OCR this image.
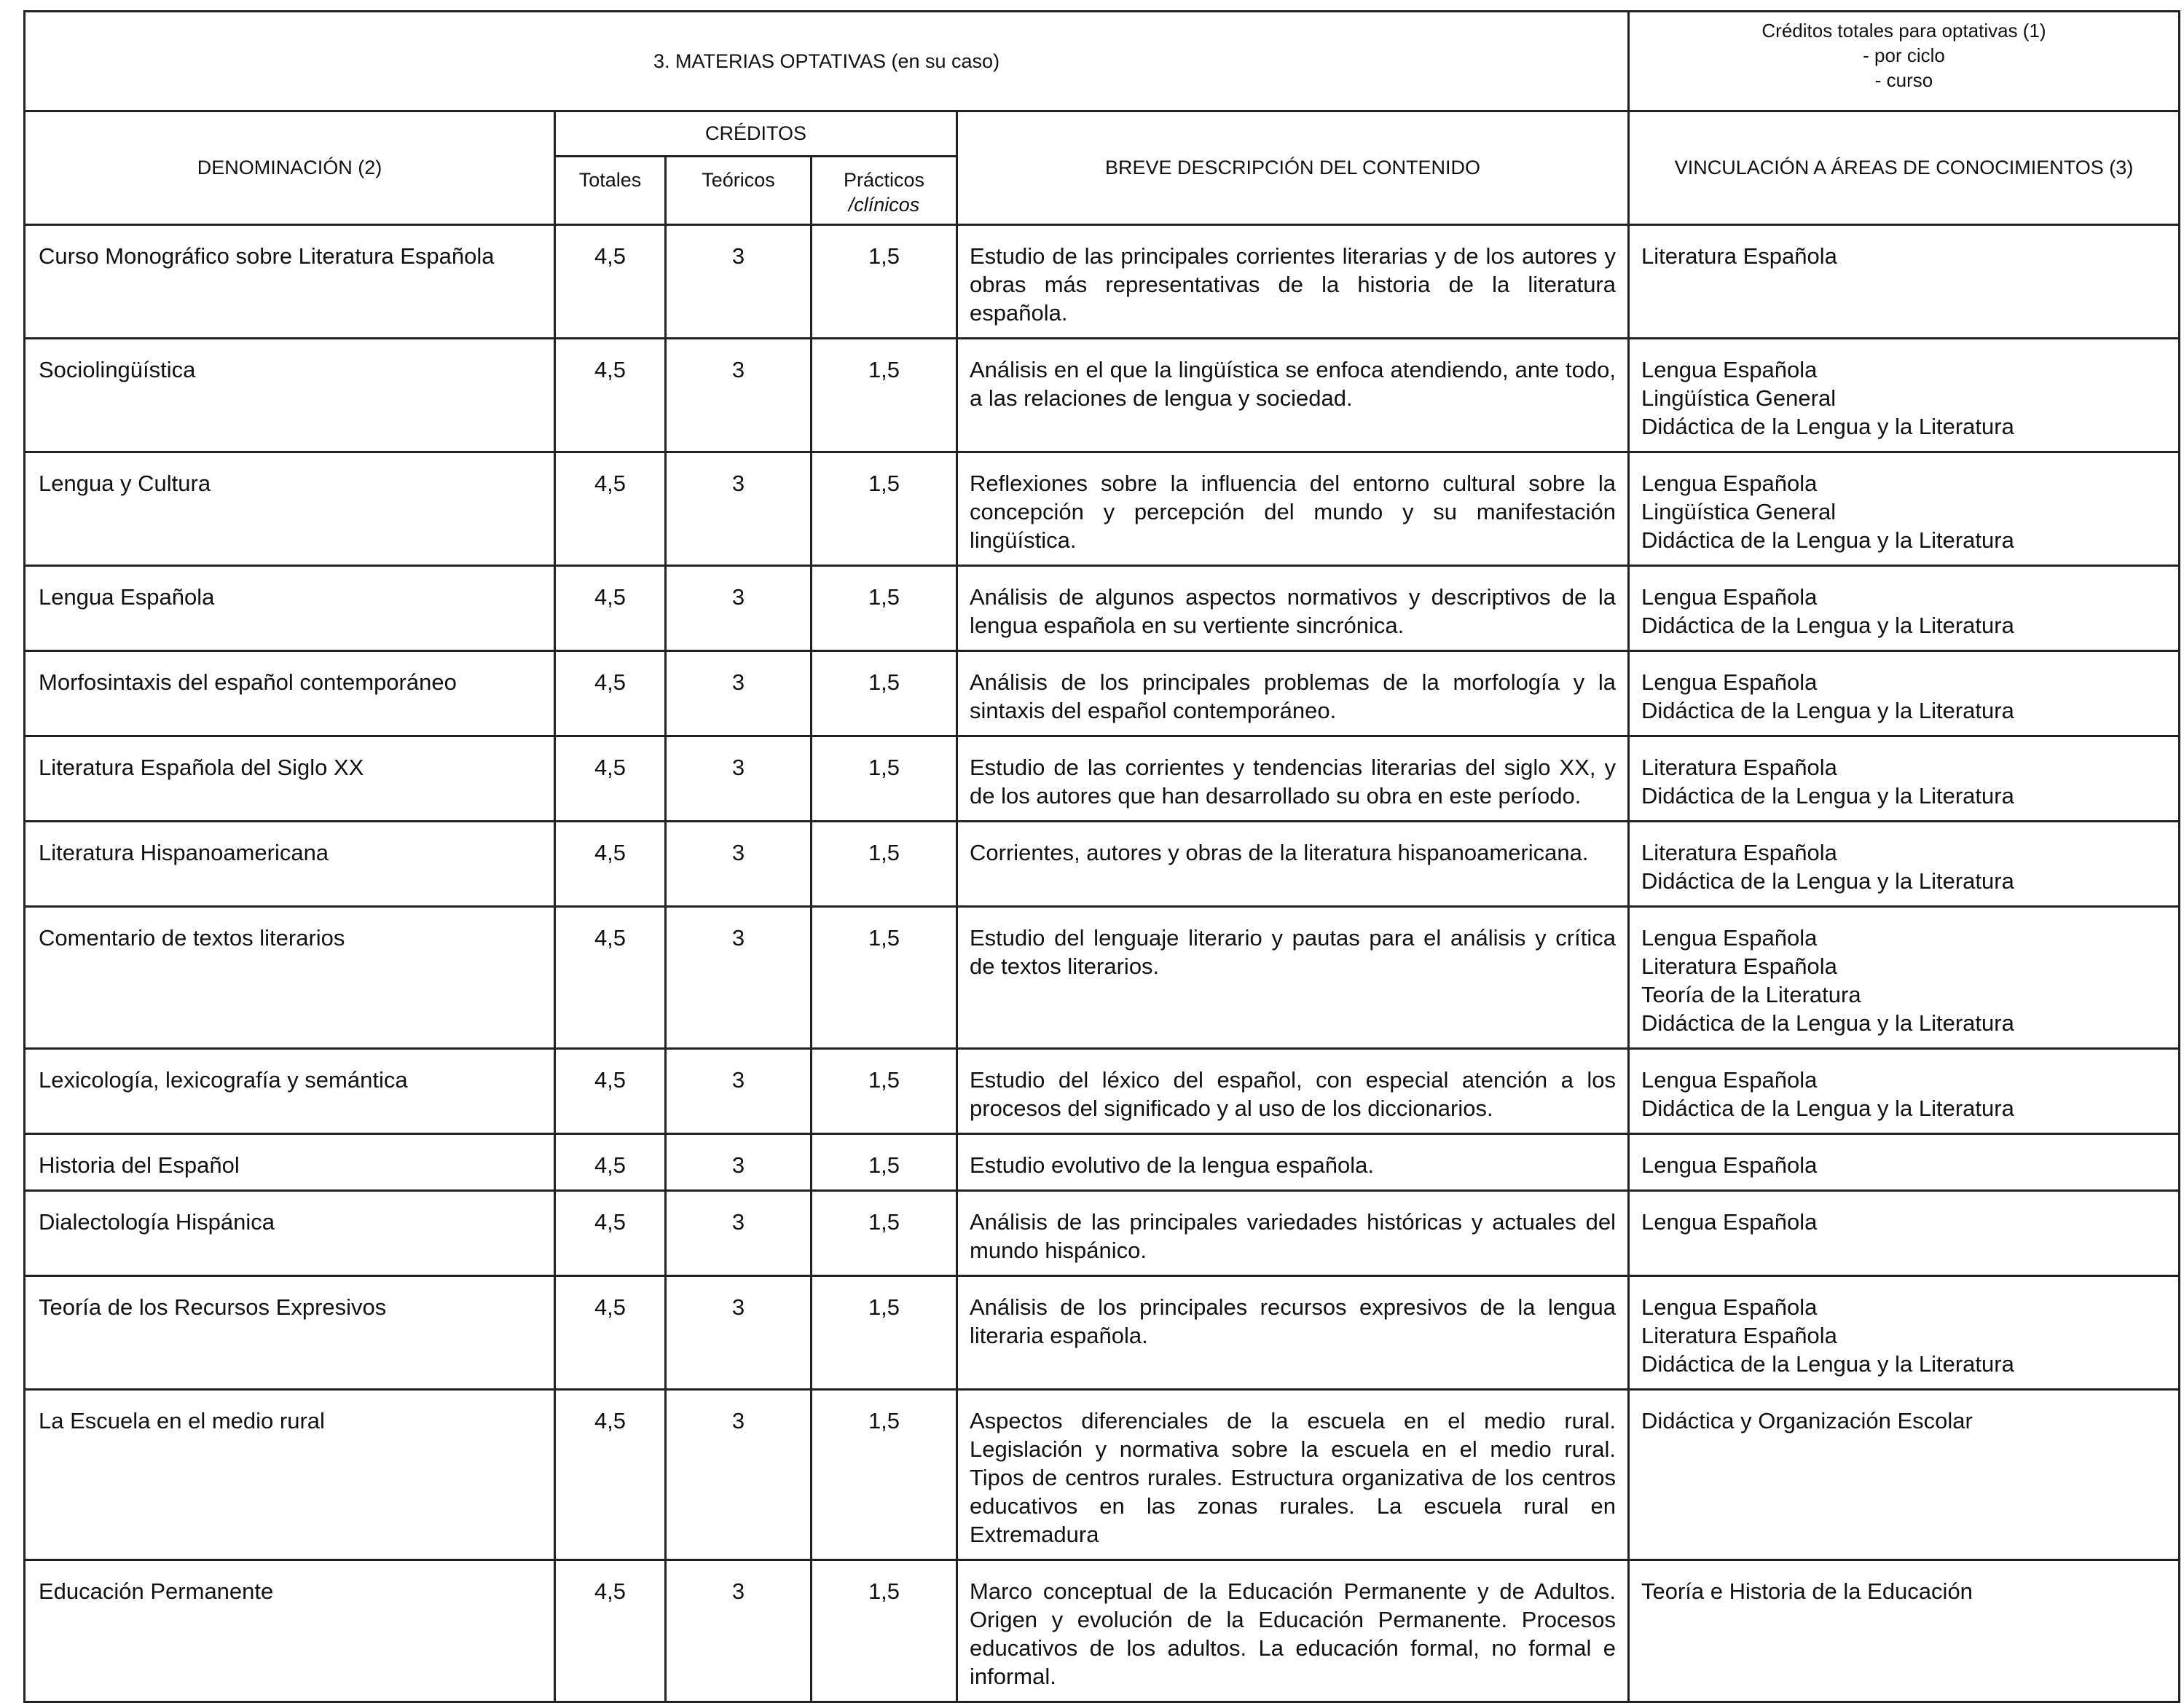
3. MATERIAS OPTATIVAS (en su caso)					Créditos totales para optativas (1)
- por ciclo
- curso

DENOMINACIÓN (2)	CRÉDITOS			BREVE DESCRIPCIÓN DEL CONTENIDO	VINCULACIÓN A ÁREAS DE CONOCIMIENTOS (3)
	Totales	Teóricos	Prácticos
/clínicos		

Curso Monográfico sobre Literatura Española	4,5	3	1,5	Estudio de las principales corrientes literarias y de los autores y obras más representativas de la historia de la literatura española.	Literatura Española

Sociolingüística	4,5	3	1,5	Análisis en el que la lingüística se enfoca atendiendo, ante todo, a las relaciones de lengua y sociedad.	Lengua Española
Lingüística General
Didáctica de la Lengua y la Literatura

Lengua y Cultura	4,5	3	1,5	Reflexiones sobre la influencia del entorno cultural sobre la concepción y percepción del mundo y su manifestación lingüística.	Lengua Española
Lingüística General
Didáctica de la Lengua y la Literatura

Lengua Española	4,5	3	1,5	Análisis de algunos aspectos normativos y descriptivos de la lengua española en su vertiente sincrónica.	Lengua Española
Didáctica de la Lengua y la Literatura

Morfosintaxis del español contemporáneo	4,5	3	1,5	Análisis de los principales problemas de la morfología y la sintaxis del español contemporáneo.	Lengua Española
Didáctica de la Lengua y la Literatura

Literatura Española del Siglo XX	4,5	3	1,5	Estudio de las corrientes y tendencias literarias del siglo XX, y de los autores que han desarrollado su obra en este período.	Literatura Española
Didáctica de la Lengua y la Literatura

Literatura Hispanoamericana	4,5	3	1,5	Corrientes, autores y obras de la literatura hispanoamericana.	Literatura Española
Didáctica de la Lengua y la Literatura

Comentario de textos literarios	4,5	3	1,5	Estudio del lenguaje literario y pautas para el análisis y crítica de textos literarios.	Lengua Española
Literatura Española
Teoría de la Literatura
Didáctica de la Lengua y la Literatura

Lexicología, lexicografía y semántica	4,5	3	1,5	Estudio del léxico del español, con especial atención a los procesos del significado y al uso de los diccionarios.	Lengua Española
Didáctica de la Lengua y la Literatura

Historia del Español	4,5	3	1,5	Estudio evolutivo de la lengua española.	Lengua Española

Dialectología Hispánica	4,5	3	1,5	Análisis de las principales variedades históricas y actuales del mundo hispánico.	Lengua Española

Teoría de los Recursos Expresivos	4,5	3	1,5	Análisis de los principales recursos expresivos de la lengua literaria española.	Lengua Española
Literatura Española
Didáctica de la Lengua y la Literatura

La Escuela en el medio rural	4,5	3	1,5	Aspectos diferenciales de la escuela en el medio rural. Legislación y normativa sobre la escuela en el medio rural. Tipos de centros rurales. Estructura organizativa de los centros educativos en las zonas rurales. La escuela rural en Extremadura	Didáctica y Organización Escolar

Educación Permanente	4,5	3	1,5	Marco conceptual de la Educación Permanente y de Adultos. Origen y evolución de la Educación Permanente. Procesos educativos de los adultos. La educación formal, no formal e informal.	Teoría e Historia de la Educación
